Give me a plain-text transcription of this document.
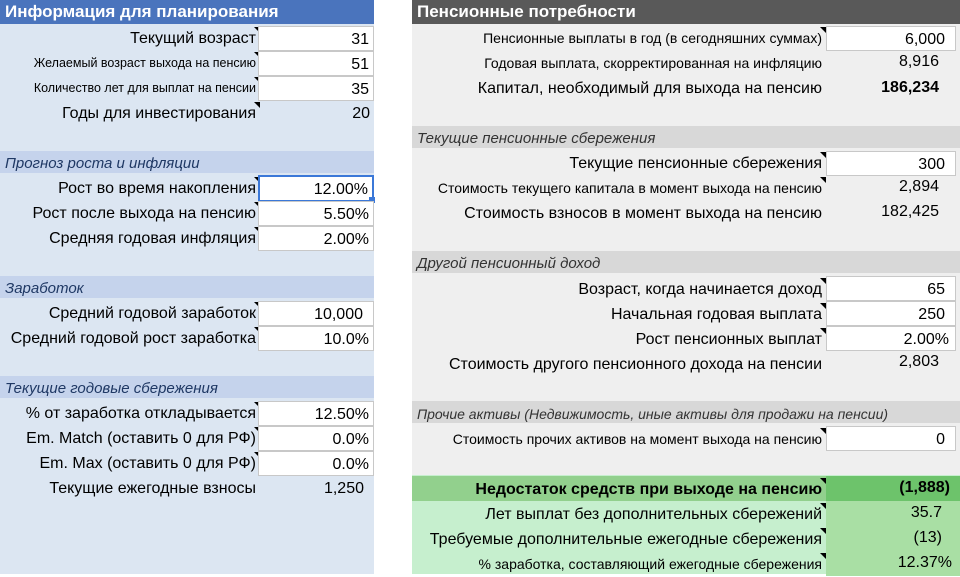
Информация для планирования
Текущий возраст	31
Желаемый возраст выхода на пенсию	51
Количество лет для выплат на пенсии	35
Годы для инвестирования	20
Прогноз роста и инфляции
Рост во время накопления	12.00%
Рост после выхода на пенсию	5.50%
Средняя годовая инфляция	2.00%
Заработок
Средний годовой заработок	10,000
Средний годовой рост заработка	10.0%
Текущие годовые сбережения
% от заработка откладывается	12.50%
Em. Match (оставить 0 для РФ)	0.0%
Em. Max (оставить 0 для РФ)	0.0%
Текущие ежегодные взносы	1,250
Пенсионные потребности
Пенсионные выплаты в год (в сегодняшних суммах)	6,000
Годовая выплата, скорректированная на инфляцию	8,916
Капитал, необходимый для выхода на пенсию	186,234
Текущие пенсионные сбережения
Текущие пенсионные сбережения	300
Стоимость текущего капитала в момент выхода на пенсию	2,894
Стоимость взносов в момент выхода на пенсию	182,425
Другой пенсионный доход
Возраст, когда начинается доход	65
Начальная годовая выплата	250
Рост пенсионных выплат	2.00%
Стоимость другого пенсионного дохода на пенсии	2,803
Прочие активы (Недвижимость, иные активы для продажи на пенсии)
Стоимость прочих активов на момент выхода на пенсию	0
Недостаток средств при выходе на пенсию	(1,888)
Лет выплат без дополнительных сбережений	35.7
Требуемые дополнительные ежегодные сбережения	(13)
% заработка, составляющий ежегодные сбережения	12.37%
